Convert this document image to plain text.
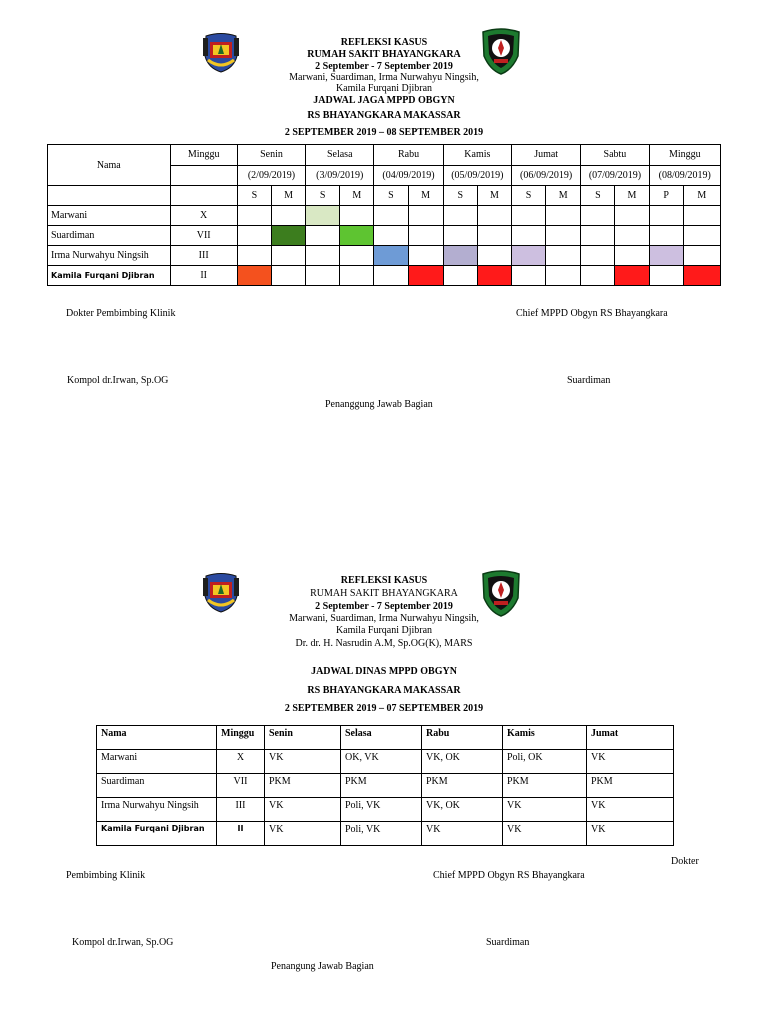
REFLEKSI KASUS
RUMAH SAKIT BHAYANGKARA
2 September - 7 September 2019
Marwani, Suardiman, Irma Nurwahyu Ningsih,
Kamila Furqani Djibran
JADWAL JAGA MPPD OBGYN
RS BHAYANGKARA MAKASSAR
2 SEPTEMBER 2019 – 08 SEPTEMBER 2019
Nama	Minggu	Senin		Selasa		Rabu		Kamis		Jumat		Sabtu		Minggu	
		(2/09/2019)		(3/09/2019)		(04/09/2019)		(05/09/2019)		(06/09/2019)		(07/09/2019)		(08/09/2019)	
		S	M	S	M	S	M	S	M	S	M	S	M	P	M
Marwani	X														
Suardiman	VII														
Irma Nurwahyu Ningsih	III														
Kamila Furqani Djibran	II														
Dokter Pembimbing Klinik	Chief MPPD Obgyn RS Bhayangkara
Kompol dr.Irwan, Sp.OG	Suardiman
Penanggung Jawab Bagian
REFLEKSI KASUS
RUMAH SAKIT BHAYANGKARA
2 September - 7 September 2019
Marwani, Suardiman, Irma Nurwahyu Ningsih,
Kamila Furqani Djibran
Dr. dr. H. Nasrudin A.M, Sp.OG(K), MARS
JADWAL DINAS MPPD OBGYN
RS BHAYANGKARA MAKASSAR
2 SEPTEMBER 2019 – 07 SEPTEMBER 2019
Nama	Minggu	Senin	Selasa	Rabu	Kamis	Jumat
Marwani	X	VK	OK, VK	VK, OK	Poli, OK	VK
Suardiman	VII	PKM	PKM	PKM	PKM	PKM
Irma Nurwahyu Ningsih	III	VK	Poli, VK	VK, OK	VK	VK
Kamila Furqani Djibran	II	VK	Poli, VK	VK	VK	VK
Dokter
Pembimbing Klinik	Chief MPPD Obgyn RS Bhayangkara
Kompol dr.Irwan, Sp.OG	Suardiman
Penangung Jawab Bagian
